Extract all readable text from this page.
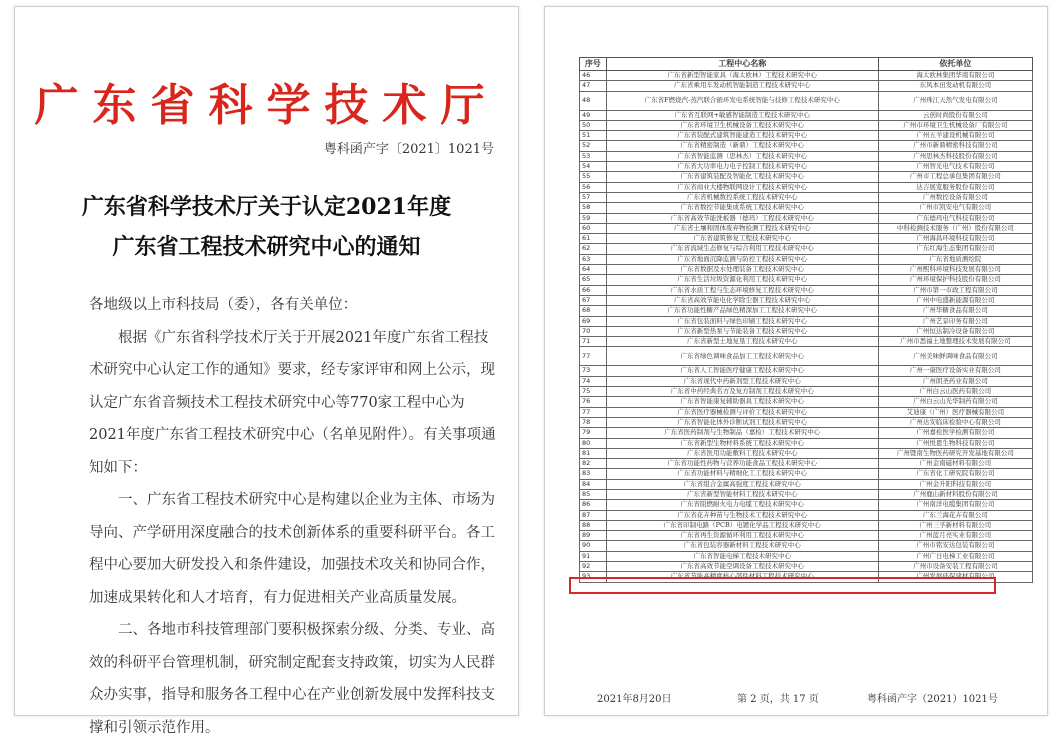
广东省科学技术厅
粤科函产字〔2021〕1021号
广东省科学技术厅关于认定2021年度
广东省工程技术研究中心的通知

各地级以上市科技局（委），各有关单位：

根据《广东省科学技术厅关于开展2021年度广东省工程技术研究中心认定工作的通知》要求，经专家评审和网上公示，现认定广东省音频技术工程技术研究中心等770家工程中心为2021年度广东省工程技术研究中心（名单见附件）。有关事项通知如下：

一、广东省工程技术研究中心是构建以企业为主体、市场为导向、产学研用深度融合的技术创新体系的重要科研平台。各工程中心要加大研发投入和条件建设，加强技术攻关和协同合作，加速成果转化和人才培育，有力促进相关产业高质量发展。

二、各地市科技管理部门要积极探索分级、分类、专业、高效的科研平台管理机制，研究制定配套支持政策，切实为人民群众办实事，指导和服务各工程中心在产业创新发展中发挥科技支撑和引领示范作用。

序号	工程中心名称	依托单位
46	广东省新型智能家具（海太欧林）工程技术研究中心	海太欧林集团华南有限公司
47	广东省乘用车发动机智能制造工程技术研究中心	东风本田发动机有限公司
48	广东省F燃烧汽-蒸汽联合循环发电系统智能与技修工程技术研究中心	广州珠江天然气发电有限公司
49	广东省互联网+敏感智能制造工程技术研究中心	云创时尚股份有限公司
50	广东省环境卫生机械设备工程技术研究中心	广州市环境卫生机械设备厂有限公司
51	广东省装配式建筑智能建造工程技术研究中心	广州五羊建设机械有限公司
52	广东省精密制造（新鼎）工程技术研究中心	广州市新鼎精密科技有限公司
53	广东省智能监测（思林杰）工程技术研究中心	广州思林杰科技股份有限公司
54	广东省大功率电力电子控制工程技术研究中心	广州智光电气技术有限公司
55	广东省建筑装配及智能化工程技术研究中心	广州市工程总承包集团有限公司
56	广东省商业大楼物联网设计工程技术研究中心	达吉展览服务股份有限公司
57	广东省机械数控系统工程技术研究中心	广州数控设备有限公司
58	广东省数控节能集成系统工程技术研究中心	广州市凯安电气有限公司
59	广东省高效节能洗板器（德玛）工程技术研究中心	广东德玛电气科技有限公司
60	广东省土壤和固体废弃物检测工程技术研究中心	中科检测技术服务（广州）股份有限公司
61	广东省建筑修复工程技术研究中心	广州海昌环境科技有限公司
62	广东省流域生态修复与综合利用工程技术研究中心	广东红海生态集团有限公司
63	广东省地面沉降监测与防控工程技术研究中心	广东省地质测绘院
64	广东省数据及水处理装备工程技术研究中心	广州熙科环境科技发展有限公司
65	广东省生活垃圾资源化利用工程技术研究中心	广州环境保护科技股份有限公司
66	广东省水质工程与生态环境修复工程技术研究中心	广州市第一市政工程有限公司
67	广东省高效节能电化学除尘器工程技术研究中心	广州中电盛新能源有限公司
68	广东省功能性糖产品绿色精深加工工程技术研究中心	广州华糖食品有限公司
69	广东省包装面料与绿色印刷工程技术研究中心	广州艺景印务有限公司
70	广东省新型热泵与节能装备工程技术研究中心	广州恒达制冷设备有限公司
71	广东省新型土地复垦工程技术研究中心	广州市悉福土地整理技术发展有限公司
77	广东省绿色调味食品加工工程技术研究中心	广州美味鲜调味食品有限公司
73	广东省人工智能医疗健康工程技术研究中心	广州一康医疗设备实业有限公司
74	广东省现代中药新剂型工程技术研究中心	广州朗圣药业有限公司
75	广东省中药经典名方及复方制剂工程技术研究中心	广州白云山医药有限公司
76	广东省智能康复辅助器具工程技术研究中心	广州白云山光华制药有限公司
77	广东省医疗器械检测与评价工程技术研究中心	艾迪康（广州）医疗器械有限公司
78	广东省智能化体外诊断试剂工程技术研究中心	广州达安临床检验中心有限公司
79	广东省医药制剂与生物制品（嘉检）工程技术研究中心	广州嘉检医学检测有限公司
80	广东省新型生物材料系统工程技术研究中心	广州悦恩生物科技有限公司
81	广东省医用功能敷料工程技术研究中心	广州暨南生物医药研究开发基地有限公司
82	广东省功能性药物与营养功能食品工程技术研究中心	广州金南磁材料有限公司
83	广东省功能材料与精细化工工程技术研究中心	广东省化工研究院有限公司
84	广东省组合金属高强度工程技术研究中心	广州金升阳科技有限公司
85	广东省新型智能材料工程技术研究中心	广州鹿山新材料股份有限公司
86	广东省阻燃耐火电力电缆工程技术研究中心	广州南洋电缆集团有限公司
87	广东省花卉种苗与生物技术工程技术研究中心	广东兰海花卉有限公司
88	广东省印制电路（PCB）电镀化学品工程技术研究中心	广州三孚新材料有限公司
89	广东省再生资源循环利用工程技术研究中心	广州蓝月亮实业有限公司
90	广东省包装容器新材料工程技术研究中心	广州市铭安达包装有限公司
91	广东省智能电梯工程技术研究中心	广州广日电梯工业有限公司
92	广东省高效节能空调设备工程技术研究中心	广州市设备安装工程有限公司
93	广东省节能高精度核心部件材料工程技术研究中心	广州发展环保建材有限公司
2021年8月20日	第 2 页，共 17 页	粤科函产字（2021）1021号
